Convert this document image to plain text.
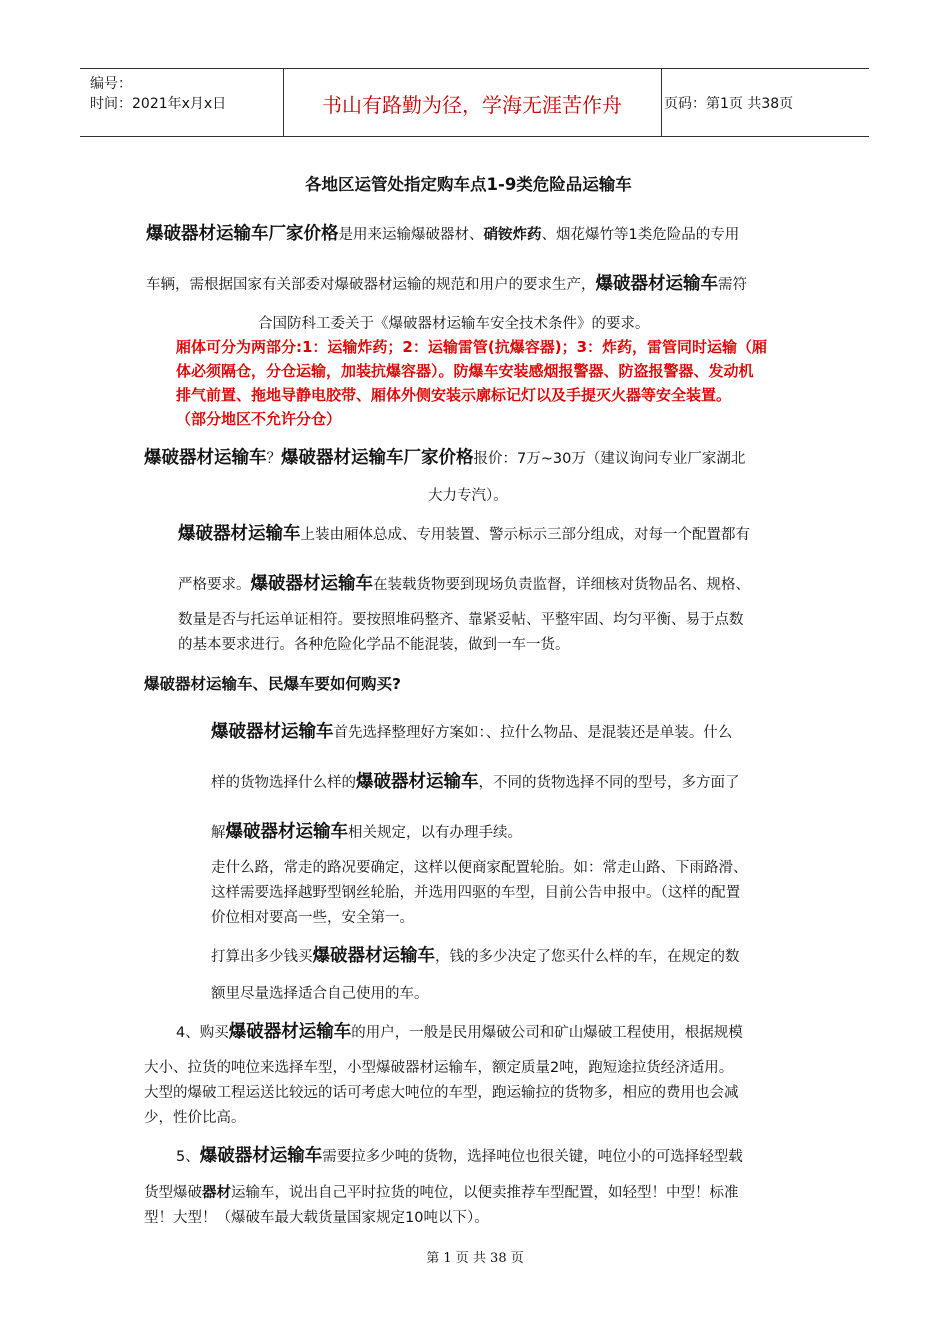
编号：
时间：2021年x月x日	书山有路勤为径，学海无涯苦作舟	页码：第1页 共38页
各地区运管处指定购车点1-9类危险品运输车
爆破器材运输车厂家价格是用来运输爆破器材、硝铵炸药、烟花爆竹等1类危险品的专用
车辆，需根据国家有关部委对爆破器材运输的规范和用户的要求生产，爆破器材运输车需符
合国防科工委关于《爆破器材运输车安全技术条件》的要求。
厢体可分为两部分:1：运输炸药；2：运输雷管(抗爆容器)；3：炸药，雷管同时运输（厢
体必须隔仓，分仓运输，加装抗爆容器）。防爆车安装感烟报警器、防盗报警器、发动机
排气前置、拖地导静电胶带、厢体外侧安装示廓标记灯以及手提灭火器等安全装置。
（部分地区不允许分仓）
爆破器材运输车？爆破器材运输车厂家价格报价：7万~30万（建议询问专业厂家湖北
大力专汽）。
爆破器材运输车上装由厢体总成、专用装置、警示标示三部分组成，对每一个配置都有
严格要求。爆破器材运输车在装载货物要到现场负责监督，详细核对货物品名、规格、
数量是否与托运单证相符。要按照堆码整齐、靠紧妥帖、平整牢固、均匀平衡、易于点数
的基本要求进行。各种危险化学品不能混装，做到一车一货。
爆破器材运输车、民爆车要如何购买?
爆破器材运输车首先选择整理好方案如：、拉什么物品、是混装还是单装。什么
样的货物选择什么样的爆破器材运输车，不同的货物选择不同的型号，多方面了
解爆破器材运输车相关规定，以有办理手续。
走什么路，常走的路况要确定，这样以便商家配置轮胎。如：常走山路、下雨路滑、
这样需要选择越野型钢丝轮胎，并选用四驱的车型，目前公告申报中。（这样的配置
价位相对要高一些，安全第一。
打算出多少钱买爆破器材运输车，钱的多少决定了您买什么样的车，在规定的数
额里尽量选择适合自己使用的车。
4、购买爆破器材运输车的用户，一般是民用爆破公司和矿山爆破工程使用，根据规模
大小、拉货的吨位来选择车型，小型爆破器材运输车，额定质量2吨，跑短途拉货经济适用。
大型的爆破工程运送比较远的话可考虑大吨位的车型，跑运输拉的货物多，相应的费用也会减
少，性价比高。
5、爆破器材运输车需要拉多少吨的货物，选择吨位也很关键，吨位小的可选择轻型载
货型爆破器材运输车，说出自己平时拉货的吨位，以便卖推荐车型配置，如轻型！中型！标准
型！大型！（爆破车最大载货量国家规定10吨以下）。
第 1 页 共 38 页
